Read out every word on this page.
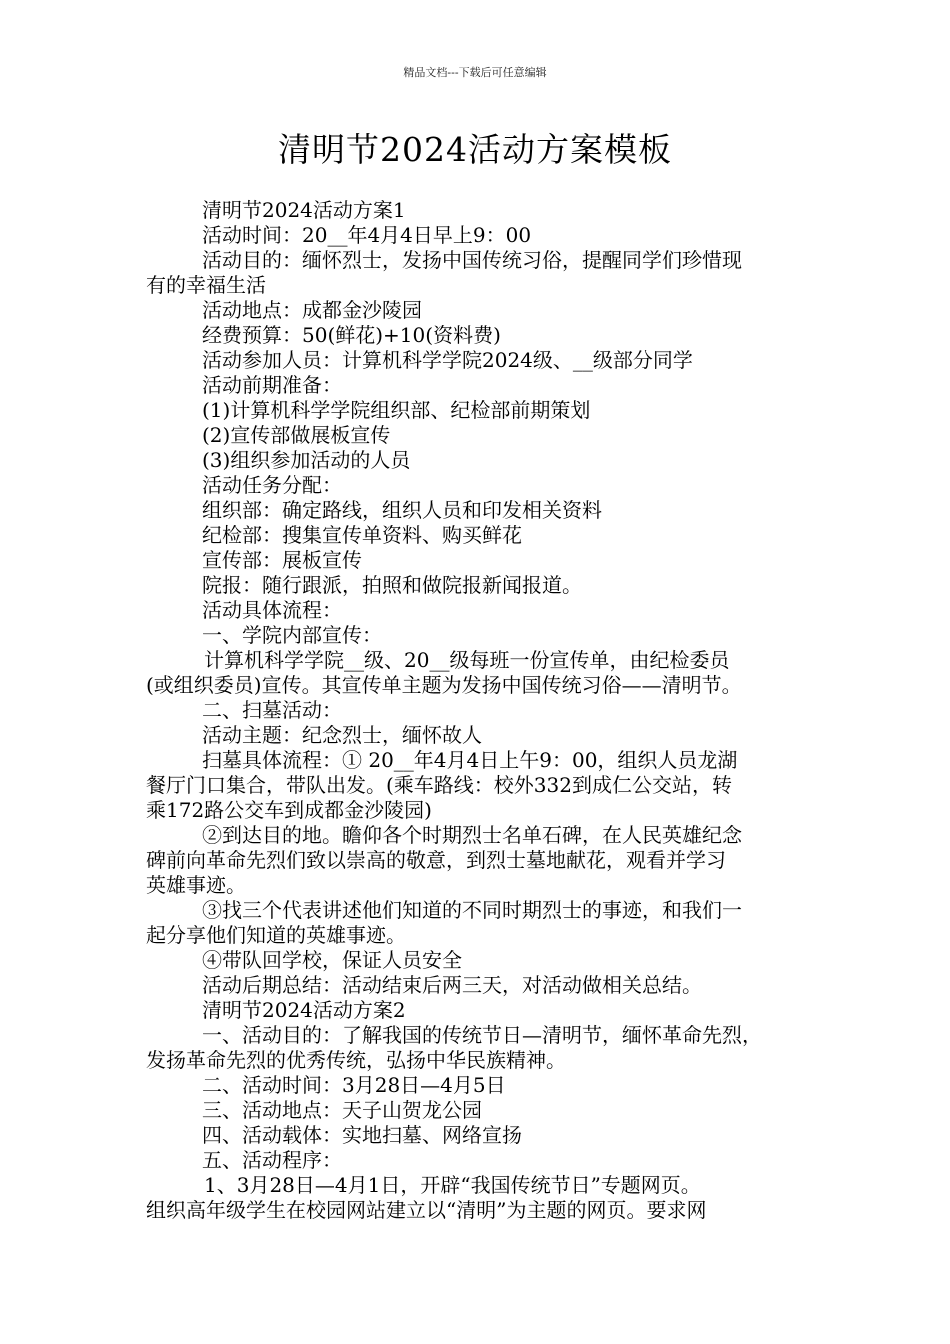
精品文档---下载后可任意编辑
清明节2024活动方案模板
清明节2024活动方案1
活动时间：20__年4月4日早上9：00
活动目的：缅怀烈士，发扬中国传统习俗，提醒同学们珍惜现
有的幸福生活
活动地点：成都金沙陵园
经费预算：50(鲜花)+10(资料费)
活动参加人员：计算机科学学院2024级、__级部分同学
活动前期准备：
(1)计算机科学学院组织部、纪检部前期策划
(2)宣传部做展板宣传
(3)组织参加活动的人员
活动任务分配：
组织部：确定路线，组织人员和印发相关资料
纪检部：搜集宣传单资料、购买鲜花
宣传部：展板宣传
院报：随行跟派，拍照和做院报新闻报道。
活动具体流程：
一、学院内部宣传：
计算机科学学院__级、20__级每班一份宣传单，由纪检委员
(或组织委员)宣传。其宣传单主题为发扬中国传统习俗——清明节。
二、扫墓活动：
活动主题：纪念烈士，缅怀故人
扫墓具体流程：① 20__年4月4日上午9：00，组织人员龙湖
餐厅门口集合，带队出发。(乘车路线：校外332到成仁公交站，转
乘172路公交车到成都金沙陵园)
②到达目的地。瞻仰各个时期烈士名单石碑，在人民英雄纪念
碑前向革命先烈们致以崇高的敬意，到烈士墓地献花，观看并学习
英雄事迹。
③找三个代表讲述他们知道的不同时期烈士的事迹，和我们一
起分享他们知道的英雄事迹。
④带队回学校，保证人员安全
活动后期总结：活动结束后两三天，对活动做相关总结。
清明节2024活动方案2
一、活动目的：了解我国的传统节日—清明节，缅怀革命先烈，
发扬革命先烈的优秀传统，弘扬中华民族精神。
二、活动时间：3月28日—4月5日
三、活动地点：天子山贺龙公园
四、活动载体：实地扫墓、网络宣扬
五、活动程序：
1、3月28日—4月1日，开辟“我国传统节日”专题网页。
组织高年级学生在校园网站建立以“清明”为主题的网页。要求网
